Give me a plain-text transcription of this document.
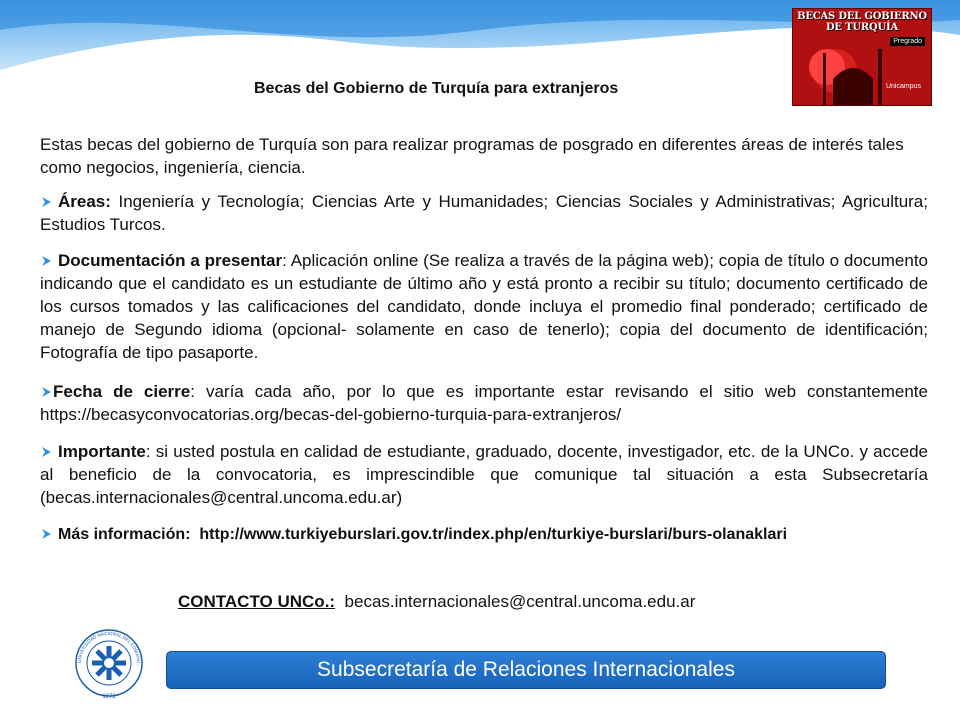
BECAS DEL GOBIERNO DE TURQUÍA
Pregrado
Unicampus
Becas del Gobierno de Turquía para extranjeros
Estas becas del gobierno de Turquía son para realizar programas de posgrado en diferentes áreas de interés tales como negocios, ingeniería, ciencia.
Áreas: Ingeniería y Tecnología; Ciencias Arte y Humanidades; Ciencias Sociales y Administrativas; Agricultura; Estudios Turcos.
Documentación a presentar: Aplicación online (Se realiza a través de la página web); copia de título o documento indicando que el candidato es un estudiante de último año y está pronto a recibir su título; documento certificado de los cursos tomados y las calificaciones del candidato, donde incluya el promedio final ponderado; certificado de manejo de Segundo idioma (opcional- solamente en caso de tenerlo); copia del documento de identificación; Fotografía de tipo pasaporte.
Fecha de cierre: varía cada año, por lo que es importante estar revisando el sitio web constantemente https://becasyconvocatorias.org/becas-del-gobierno-turquia-para-extranjeros/
Importante: si usted postula en calidad de estudiante, graduado, docente, investigador, etc. de la UNCo. y accede al beneficio de la convocatoria, es imprescindible que comunique tal situación a esta Subsecretaría (becas.internacionales@central.uncoma.edu.ar)
Más información:  http://www.turkiyeburslari.gov.tr/index.php/en/turkiye-burslari/burs-olanaklari
CONTACTO UNCo.: becas.internacionales@central.uncoma.edu.ar
1972
UNIVERSIDAD NACIONAL DEL COMAHU	Subsecretaría de Relaciones Internacionales
